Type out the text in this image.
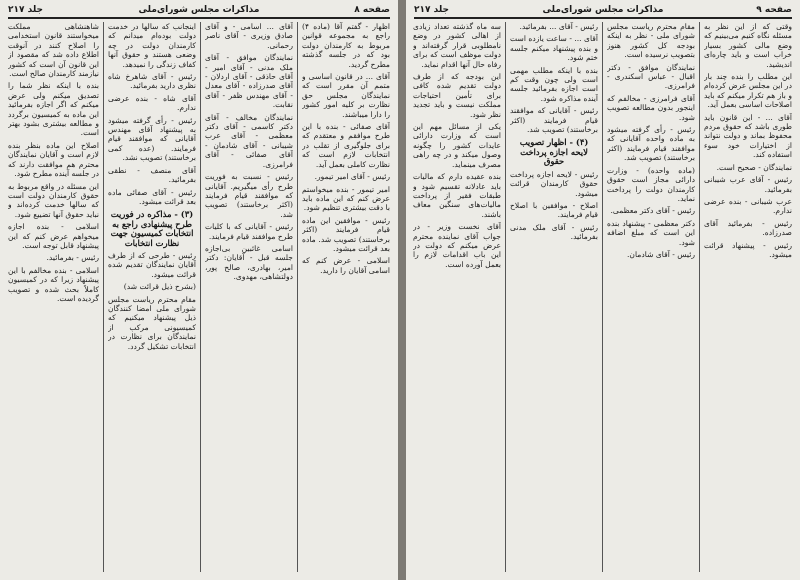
صفحه ۸
مذاکرات مجلس شورای‌ملی
جلد ۲۱۷

اظهار - گفتم آقا (ماده ۴) راجع به مجموعه قوانین مربوط به کارمندان دولت بود که در جلسه گذشته مطرح گردید.

آقای ... در قانون اساسی و متمم آن مقرر است که نمایندگان مجلس حق نظارت بر کلیه امور کشور را دارا میباشند.

آقای صفائی - بنده با این طرح موافقم و معتقدم که برای جلوگیری از تقلب در انتخابات لازم است که نظارت کاملی بعمل آید.

رئیس - آقای امیر تیمور.

امیر تیمور - بنده میخواستم عرض کنم که این ماده باید با دقت بیشتری تنظیم شود.

رئیس - موافقین این ماده قیام فرمایند (اکثر برخاستند) تصویب شد. ماده بعد قرائت میشود.

اسلامی - عرض کنم که اسامی آقایان را دارید.

آقای ... اسامی - و آقای صادق وزیری - آقای ناصر رحمانی.

نمایندگان موافق - آقای ملک مدنی - آقای امیر - آقای حاذقی - آقای اردلان - آقای صدرزاده - آقای معدل - آقای مهندس ظفر - آقای نقابت.

نمایندگان مخالف - آقای دکتر کاسمی - آقای دکتر معظمی - آقای عرب شیبانی - آقای شادمان - آقای صفائی - آقای فرامرزی.

رئیس - نسبت به فوریت طرح رأی میگیریم. آقایانی که موافقند قیام فرمایند (اکثر برخاستند) تصویب شد.

رئیس - آقایانی که با کلیات طرح موافقند قیام فرمایند.

اسامی غائبین بی‌اجازه جلسه قبل - آقایان: دکتر امیر، بهادری، صالح پور، دولتشاهی، مهدوی.

اینجانب که سالها در خدمت دولت بوده‌ام میدانم که کارمندان دولت در چه وضعی هستند و حقوق آنها کفاف زندگی را نمیدهد.

رئیس - آقای شاهرخ شاه نظری دارید بفرمائید.

آقای شاه - بنده عرضی ندارم.

رئیس - رأی گرفته میشود به پیشنهاد آقای مهندس آقایانی که موافقند قیام فرمایند. (عده کمی برخاستند) تصویب نشد.

آقای منصف - نطقی بفرمائید.

رئیس - آقای صفائی ماده بعد قرائت میشود.

(۳) - مذاکره در فوریت طرح پیشنهادی راجع به انتخابات کمیسیون جهت نظارت انتخابات

رئیس - طرحی که از طرف آقایان نمایندگان تقدیم شده قرائت میشود.

(بشرح ذیل قرائت شد)

مقام محترم ریاست مجلس شورای ملی امضا کنندگان ذیل پیشنهاد میکنیم که کمیسیونی مرکب از نمایندگان برای نظارت در انتخابات تشکیل گردد.

شاهنشاهی مملکت میخواستند قانون استخدامی را اصلاح کنند در آنوقت اطلاع داده شد که مقصود از این قانون آن است که کشور نیازمند کارمندان صالح است.

بنده با اینکه نظر شما را تصدیق میکنم ولی عرض میکنم که اگر اجازه بفرمائید این ماده به کمیسیون برگردد و مطالعه بیشتری بشود بهتر است.

اصلاح این ماده بنظر بنده لازم است و آقایان نمایندگان محترم هم موافقت دارند که در جلسه آینده مطرح شود.

این مسئله در واقع مربوط به حقوق کارمندان دولت است که سالها خدمت کرده‌اند و نباید حقوق آنها تضییع شود.

اسلامی - بنده اجازه میخواهم عرض کنم که این پیشنهاد قابل توجه است.

رئیس - بفرمائید.

اسلامی - بنده مخالفم با این پیشنهاد زیرا که در کمیسیون کاملاً بحث شده و تصویب گردیده است.

صفحه ۹
مذاکرات مجلس شورای‌ملی
جلد ۲۱۷

وقتی که از این نظر به مسئله نگاه کنیم می‌بینیم که وضع مالی کشور بسیار خراب است و باید چاره‌ای اندیشید.

این مطلب را بنده چند بار در این مجلس عرض کرده‌ام و باز هم تکرار میکنم که باید اصلاحات اساسی بعمل آید.

آقای ... - این قانون باید طوری باشد که حقوق مردم محفوظ بماند و دولت نتواند از اختیارات خود سوء استفاده کند.

نمایندگان - صحیح است.

رئیس - آقای عرب شیبانی بفرمائید.

عرب شیبانی - بنده عرضی ندارم.

رئیس - بفرمائید آقای صدرزاده.

رئیس - پیشنهاد قرائت میشود.

مقام محترم ریاست مجلس شورای ملی - نظر به اینکه بودجه کل کشور هنوز بتصویب نرسیده است.

نمایندگان موافق - دکتر اقبال - عباس اسکندری - فرامرزی.

آقای فرامرزی - مخالفم که اینجور بدون مطالعه تصویب شود.

رئیس - رأی گرفته میشود به ماده واحده آقایانی که موافقند قیام فرمایند (اکثر برخاستند) تصویب شد.

(ماده واحده) - وزارت دارائی مجاز است حقوق کارمندان دولت را پرداخت نماید.

رئیس - آقای دکتر معظمی.

دکتر معظمی - پیشنهاد بنده این است که مبلغ اضافه شود.

رئیس - آقای شادمان.

رئیس - آقای ... بفرمائید.

آقای ... - ساعت یازده است و بنده پیشنهاد میکنم جلسه ختم شود.

بنده با اینکه مطلب مهمی است ولی چون وقت کم است اجازه بفرمائید جلسه آینده مذاکره شود.

رئیس - آقایانی که موافقند قیام فرمایند (اکثر برخاستند) تصویب شد.

(۴) - اظهار تصویب لایحه اجازه پرداخت حقوق

رئیس - لایحه اجازه پرداخت حقوق کارمندان قرائت میشود.

اصلاح - موافقین با اصلاح قیام فرمایند.

رئیس - آقای ملک مدنی بفرمائید.

سه ماه گذشته تعداد زیادی از اهالی کشور در وضع نامطلوبی قرار گرفته‌اند و دولت موظف است که برای رفاه حال آنها اقدام نماید.

این بودجه که از طرف دولت تقدیم شده کافی برای تأمین احتیاجات مملکت نیست و باید تجدید نظر شود.

یکی از مسائل مهم این است که وزارت دارائی عایدات کشور را چگونه وصول میکند و در چه راهی مصرف مینماید.

بنده عقیده دارم که مالیات باید عادلانه تقسیم شود و طبقات فقیر از پرداخت مالیات‌های سنگین معاف باشند.

آقای نخست وزیر - در جواب آقای نماینده محترم عرض میکنم که دولت در این باب اقدامات لازم را بعمل آورده است.
